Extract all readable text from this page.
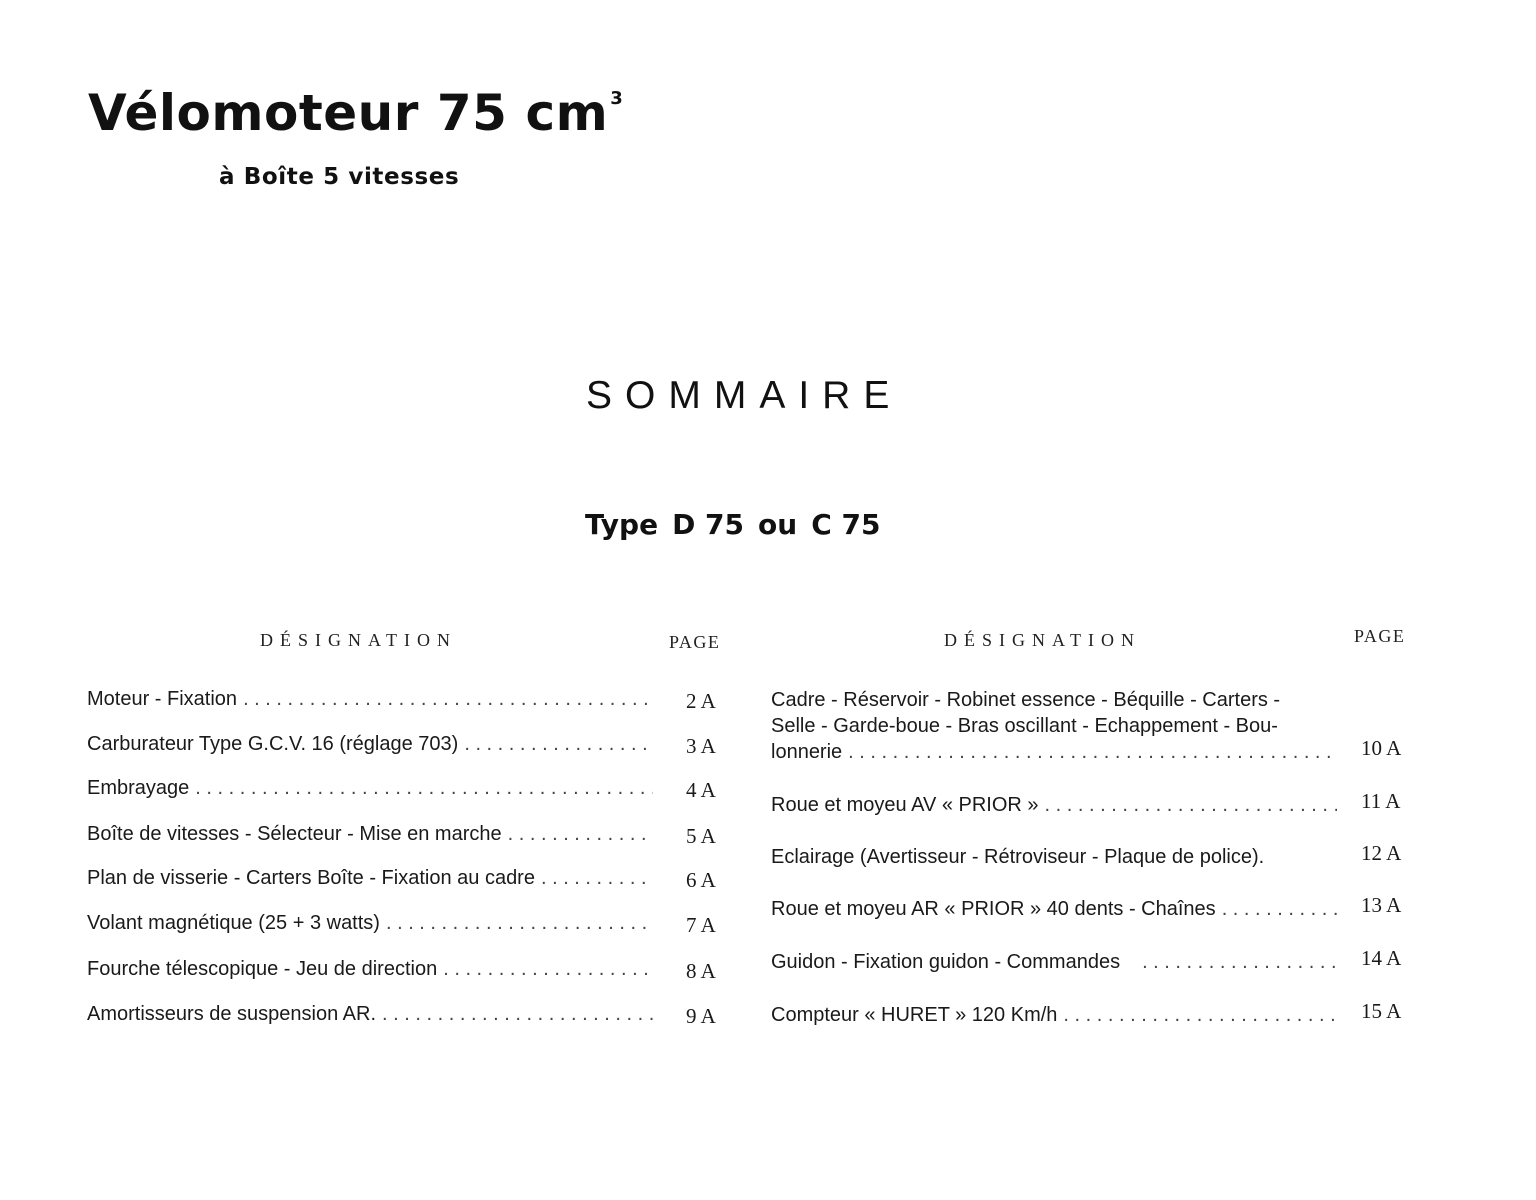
Vélomoteur 75 cm $^3$
à Boîte 5 vitesses
SOMMAIRE
Type D 75 ou C 75
DÉSIGNATION	PAGE
Moteur - Fixation . . .	2 A
Carburateur Type G.C.V. 16 (réglage 703) . . .	3 A
Embrayage . . .	4 A
Boîte de vitesses - Sélecteur - Mise en marche . . .	5 A
Plan de visserie - Carters Boîte - Fixation au cadre . . .	6 A
Volant magnétique (25 + 3 watts) . . .	7 A
Fourche télescopique - Jeu de direction . . .	8 A
Amortisseurs de suspension AR. . . .	9 A
DÉSIGNATION	PAGE
Cadre - Réservoir - Robinet essence - Béquille - Carters -
Selle - Garde-boue - Bras oscillant - Echappement - Bou-
lonnerie . . .	10 A
Roue et moyeu AV « PRIOR » . . .	11 A
Eclairage (Avertisseur - Rétroviseur - Plaque de police).	12 A
Roue et moyeu AR « PRIOR » 40 dents - Chaînes . . .	13 A
Guidon - Fixation guidon - Commandes . . .	14 A
Compteur « HURET » 120 Km/h . . .	15 A
